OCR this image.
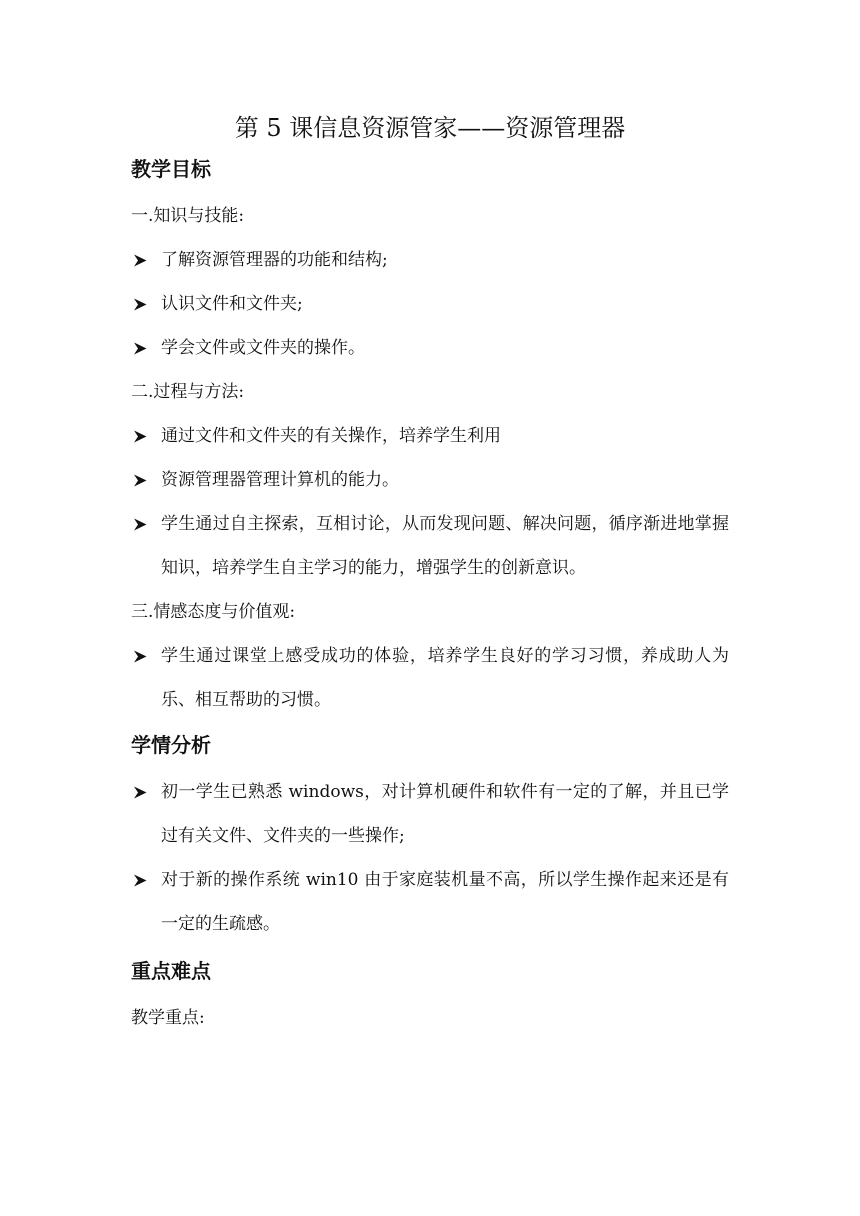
第 5 课信息资源管家——资源管理器
教学目标
一.知识与技能:
了解资源管理器的功能和结构;
认识文件和文件夹;
学会文件或文件夹的操作。
二.过程与方法:
通过文件和文件夹的有关操作，培养学生利用
资源管理器管理计算机的能力。
学生通过自主探索，互相讨论，从而发现问题、解决问题，循序渐进地掌握知识，培养学生自主学习的能力，增强学生的创新意识。
三.情感态度与价值观:
学生通过课堂上感受成功的体验，培养学生良好的学习习惯，养成助人为乐、相互帮助的习惯。
学情分析
初一学生已熟悉 windows，对计算机硬件和软件有一定的了解，并且已学过有关文件、文件夹的一些操作;
对于新的操作系统 win10 由于家庭装机量不高，所以学生操作起来还是有一定的生疏感。
重点难点
教学重点:
